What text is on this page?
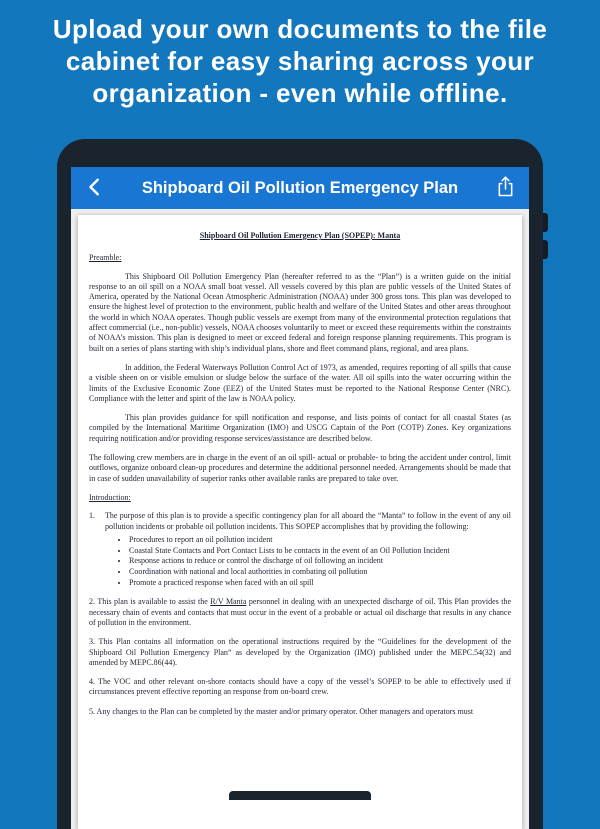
Upload your own documents to the file
cabinet for easy sharing across your
organization - even while offline.
Shipboard Oil Pollution Emergency Plan
Shipboard Oil Pollution Emergency Plan (SOPEP): Manta
Preamble:

This Shipboard Oil Pollution Emergency Plan (hereafter referred to as the “Plan”) is a written guide on the initial response to an oil spill on a NOAA small boat vessel. All vessels covered by this plan are public vessels of the United States of America, operated by the National Ocean Atmospheric Administration (NOAA) under 300 gross tons. This plan was developed to ensure the highest level of protection to the environment, public health and welfare of the United States and other areas throughout the world in which NOAA operates. Though public vessels are exempt from many of the environmental protection regulations that affect commercial (i.e., non-public) vessels, NOAA chooses voluntarily to meet or exceed these requirements within the constraints of NOAA’s mission. This plan is designed to meet or exceed federal and foreign response planning requirements. This program is built on a series of plans starting with ship’s individual plans, shore and fleet command plans, regional, and area plans.

In addition, the Federal Waterways Pollution Control Act of 1973, as amended, requires reporting of all spills that cause a visible sheen on or visible emulsion or sludge below the surface of the water. All oil spills into the water occurring within the limits of the Exclusive Economic Zone (EEZ) of the United States must be reported to the National Response Center (NRC). Compliance with the letter and spirit of the law is NOAA policy.

This plan provides guidance for spill notification and response, and lists points of contact for all coastal States (as compiled by the International Maritime Organization (IMO) and USCG Captain of the Port (COTP) Zones. Key organizations requiring notification and/or providing response services/assistance are described below.

The following crew members are in charge in the event of an oil spill- actual or probable- to bring the accident under control, limit outflows, organize onboard clean-up procedures and determine the additional personnel needed. Arrangements should be made that in case of sudden unavailability of superior ranks other available ranks are prepared to take over.

Introduction:
1.	The purpose of this plan is to provide a specific contingency plan for all aboard the “Manta” to follow in the event of any oil pollution incidents or probable oil pollution incidents. This SOPEP accomplishes that by providing the following:
• Procedures to report an oil pollution incident
• Coastal State Contacts and Port Contact Lists to be contacts in the event of an Oil Pollution Incident
• Response actions to reduce or control the discharge of oil following an incident
• Coordination with national and local authorities in combating oil pollution
• Promote a practiced response when faced with an oil spill

2. This plan is available to assist the R/V Manta personnel in dealing with an unexpected discharge of oil. This Plan provides the necessary chain of events and contacts that must occur in the event of a probable or actual oil discharge that results in any chance of pollution in the environment.

3. This Plan contains all information on the operational instructions required by the “Guidelines for the development of the Shipboard Oil Pollution Emergency Plan” as developed by the Organization (IMO) published under the MEPC.54(32) and amended by MEPC.86(44).

4. The VOC and other relevant on-shore contacts should have a copy of the vessel’s SOPEP to be able to effectively used if circumstances prevent effective reporting an response from on-board crew.

5. Any changes to the Plan can be completed by the master and/or primary operator. Other managers and operators must
